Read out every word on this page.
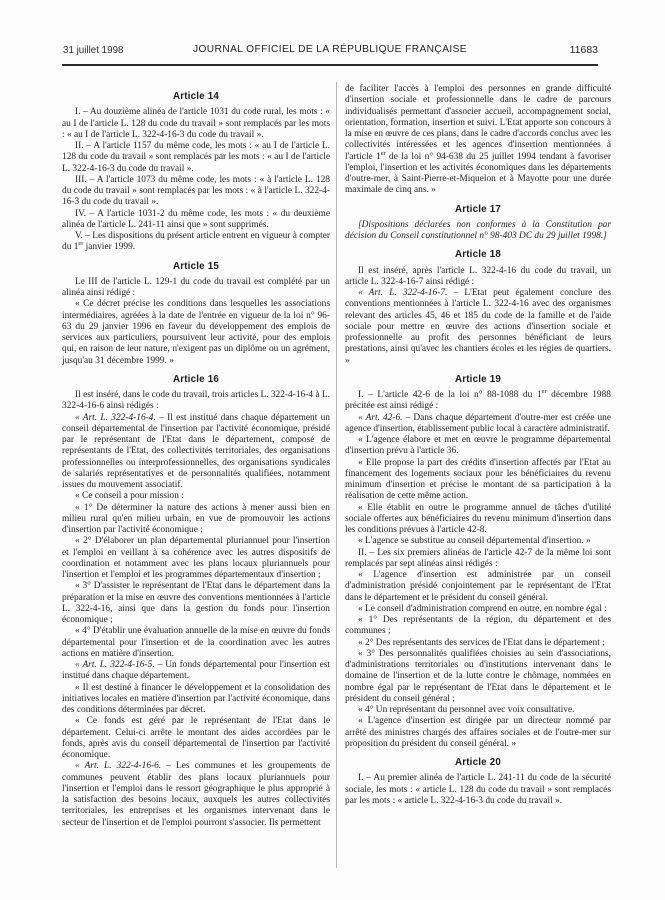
31 juillet 1998	JOURNAL OFFICIEL DE LA RÉPUBLIQUE FRANÇAISE	11683
Article 14

I. – Au douzième alinéa de l'article 1031 du code rural, les mots : « au I de l'article L. 128 du code du travail » sont remplacés par les mots : « au I de l'article L. 322-4-16-3 du code du travail ».

II. – A l'article 1157 du même code, les mots : « au I de l'article L. 128 du code du travail » sont remplacés par les mots : « au I de l'article L. 322-4-16-3 du code du travail ».

III. – A l'article 1073 du même code, les mots : « à l'article L. 128 du code du travail » sont remplacés par les mots : « à l'article L. 322-4-16-3 du code du travail ».

IV. – A l'article 1031-2 du même code, les mots : « du deuxième alinéa de l'article L. 241-11 ainsi que » sont supprimés.

V. – Les dispositions du présent article entrent en vigueur à compter du 1er janvier 1999.

Article 15

Le III de l'article L. 129-1 du code du travail est complété par un alinéa ainsi rédigé :

« Ce décret précise les conditions dans lesquelles les associations intermédiaires, agréées à la date de l'entrée en vigueur de la loi n° 96-63 du 29 janvier 1996 en faveur du développement des emplois de services aux particuliers, poursuivent leur activité, pour des emplois qui, en raison de leur nature, n'exigent pas un diplôme ou un agrément, jusqu'au 31 décembre 1999. »

Article 16

Il est inséré, dans le code du travail, trois articles L. 322-4-16-4 à L. 322-4-16-6 ainsi rédigés :

« Art. L. 322-4-16-4. – Il est institué dans chaque département un conseil départemental de l'insertion par l'activité économique, présidé par le représentant de l'Etat dans le département, composé de représentants de l'Etat, des collectivités territoriales, des organisations professionnelles ou interprofessionnelles, des organisations syndicales de salariés représentatives et de personnalités qualifiées, notamment issues du mouvement associatif.

« Ce conseil a pour mission :

« 1° De déterminer la nature des actions à mener aussi bien en milieu rural qu'en milieu urbain, en vue de promouvoir les actions d'insertion par l'activité économique ;

« 2° D'élaborer un plan départemental pluriannuel pour l'insertion et l'emploi en veillant à sa cohérence avec les autres dispositifs de coordination et notamment avec les plans locaux pluriannuels pour l'insertion et l'emploi et les programmes départementaux d'insertion ;

« 3° D'assister le représentant de l'Etat dans le département dans la préparation et la mise en œuvre des conventions mentionnées à l'article L. 322-4-16, ainsi que dans la gestion du fonds pour l'insertion économique ;

« 4° D'établir une évaluation annuelle de la mise en œuvre du fonds départemental pour l'insertion et de la coordination avec les autres actions en matière d'insertion.

« Art. L. 322-4-16-5. – Un fonds départemental pour l'insertion est institué dans chaque département.

« Il est destiné à financer le développement et la consolidation des initiatives locales en matière d'insertion par l'activité économique, dans des conditions déterminées par décret.

« Ce fonds est géré par le représentant de l'Etat dans le département. Celui-ci arrête le montant des aides accordées par le fonds, après avis du conseil départemental de l'insertion par l'activité économique.

« Art. L. 322-4-16-6. – Les communes et les groupements de communes peuvent établir des plans locaux pluriannuels pour l'insertion et l'emploi dans le ressort géographique le plus approprié à la satisfaction des besoins locaux, auxquels les autres collectivités territoriales, les entreprises et les organismes intervenant dans le secteur de l'insertion et de l'emploi pourront s'associer. Ils permettent

de faciliter l'accès à l'emploi des personnes en grande difficulté d'insertion sociale et professionnelle dans le cadre de parcours individualisés permettant d'associer accueil, accompagnement social, orientation, formation, insertion et suivi. L'Etat apporte son concours à la mise en œuvre de ces plans, dans le cadre d'accords conclus avec les collectivités intéressées et les agences d'insertion mentionnées à l'article 1er de la loi n° 94-638 du 25 juillet 1994 tendant à favoriser l'emploi, l'insertion et les activités économiques dans les départements d'outre-mer, à Saint-Pierre-et-Miquelon et à Mayotte pour une durée maximale de cinq ans. »

Article 17

[Dispositions déclarées non conformes à la Constitution par décision du Conseil constitutionnel n° 98-403 DC du 29 juillet 1998.]

Article 18

Il est inséré, après l'article L. 322-4-16 du code du travail, un article L. 322-4-16-7 ainsi rédigé :

« Art. L. 322-4-16-7. – L'Etat peut également conclure des conventions mentionnées à l'article L. 322-4-16 avec des organismes relevant des articles 45, 46 et 185 du code de la famille et de l'aide sociale pour mettre en œuvre des actions d'insertion sociale et professionnelle au profit des personnes bénéficiant de leurs prestations, ainsi qu'avec les chantiers écoles et les régies de quartiers. »

Article 19

I. – L'article 42-6 de la loi n° 88-1088 du 1er décembre 1988 précitée est ainsi rédigé :

« Art. 42-6. – Dans chaque département d'outre-mer est créée une agence d'insertion, établissement public local à caractère administratif.

« L'agence élabore et met en œuvre le programme départemental d'insertion prévu à l'article 36.

« Elle propose la part des crédits d'insertion affectés par l'Etat au financement des logements sociaux pour les bénéficiaires du revenu minimum d'insertion et précise le montant de sa participation à la réalisation de cette même action.

« Elle établit en outre le programme annuel de tâches d'utilité sociale offertes aux bénéficiaires du revenu minimum d'insertion dans les conditions prévues à l'article 42-8.

« L'agence se substitue au conseil départemental d'insertion. »

II. – Les six premiers alinéas de l'article 42-7 de la même loi sont remplacés par sept alinéas ainsi rédigés :

« L'agence d'insertion est administrée par un conseil d'administration présidé conjointement par le représentant de l'Etat dans le département et le président du conseil général.

« Le conseil d'administration comprend en outre, en nombre égal :

« 1° Des représentants de la région, du département et des communes ;

« 2° Des représentants des services de l'Etat dans le département ;

« 3° Des personnalités qualifiées choisies au sein d'associations, d'administrations territoriales ou d'institutions intervenant dans le domaine de l'insertion et de la lutte contre le chômage, nommées en nombre égal par le représentant de l'Etat dans le département et le président du conseil général ;

« 4° Un représentant du personnel avec voix consultative.

« L'agence d'insertion est dirigée par un directeur nommé par arrêté des ministres chargés des affaires sociales et de l'outre-mer sur proposition du président du conseil général. »

Article 20

I. – Au premier alinéa de l'article L. 241-11 du code de la sécurité sociale, les mots : « article L. 128 du code du travail » sont remplacés par les mots : « article L. 322-4-16-3 du code du travail ».
